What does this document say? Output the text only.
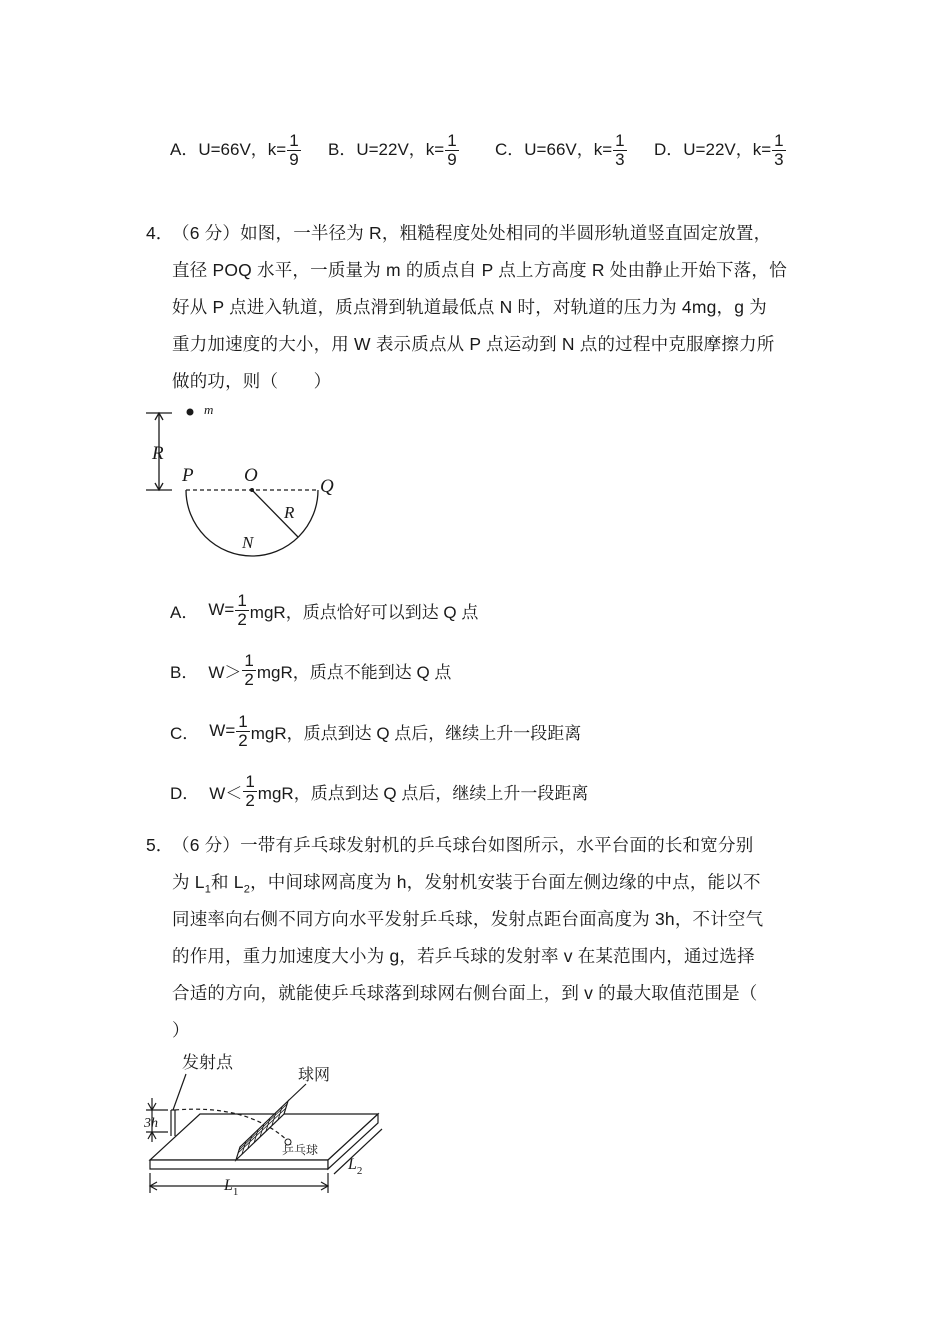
A． U=66V，$k= \frac{1}{9}$ B． U=22V，$k= \frac{1}{9}$ C． U=66V，$k= \frac{1}{3}$ D． U=22V，$k= \frac{1}{3}$
4．
（6 分）如图，一半径为 R，粗糙程度处处相同的半圆形轨道竖直固定放置，
直径 POQ 水平，一质量为 m 的质点自 P 点上方高度 R 处由静止开始下落，恰
好从 P 点进入轨道，质点滑到轨道最低点 N 时，对轨道的压力为 4mg，g 为
重力加速度的大小，用 W 表示质点从 P 点运动到 N 点的过程中克服摩擦力所
做的功，则（　　）
m
R
P	O
Q
R
N
A． $W= \frac{1}{2}$ mgR，质点恰好可以到达 Q 点
B． $W> \frac{1}{2}$ mgR，质点不能到达 Q 点
C． $W= \frac{1}{2}$ mgR，质点到达 Q 点后，继续上升一段距离
D． $W< \frac{1}{2}$ mgR，质点到达 Q 点后，继续上升一段距离
5．
（6 分）一带有乒乓球发射机的乒乓球台如图所示，水平台面的长和宽分别
为 $L_1$和 $L_2$，中间球网高度为 h，发射机安装于台面左侧边缘的中点，能以不
同速率向右侧不同方向水平发射乒乓球，发射点距台面高度为 3h，不计空气
的作用，重力加速度大小为 g，若乒乓球的发射率 v 在某范围内，通过选择
合适的方向，就能使乒乓球落到球网右侧台面上，到 v 的最大取值范围是（
）
发射点
球网
乒乓球
3h
$L_1$
$L_2$
